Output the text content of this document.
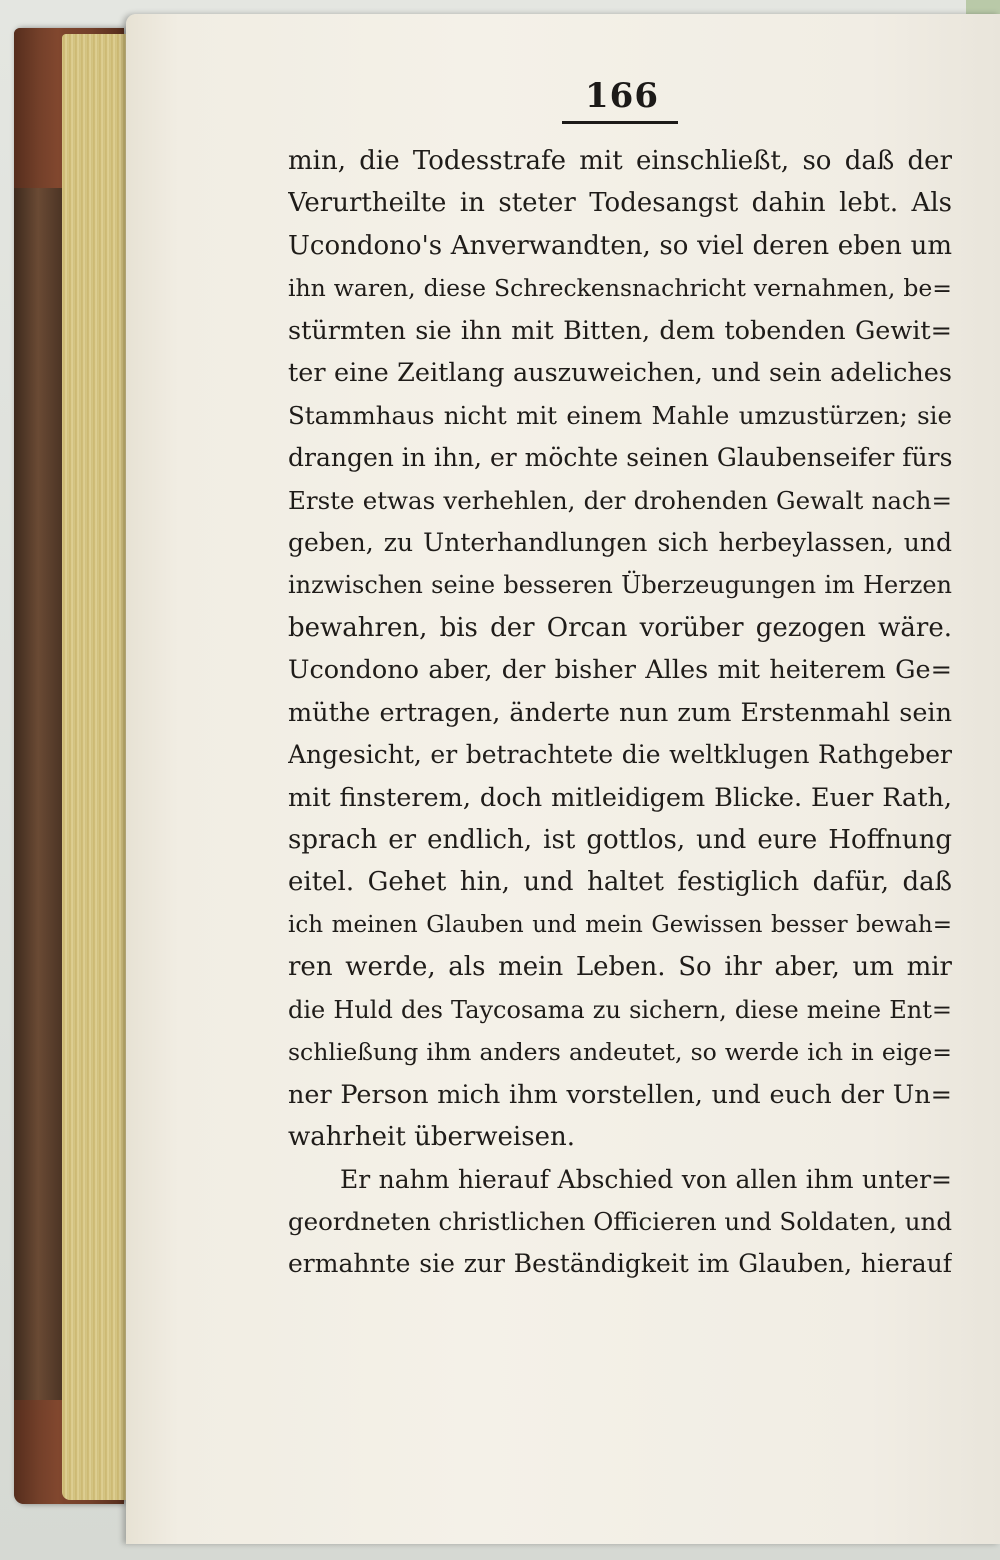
166
min, die Todesstrafe mit einschließt, so daß der
Verurtheilte in steter Todesangst dahin lebt. Als
Ucondono's Anverwandten, so viel deren eben um
ihn waren, diese Schreckensnachricht vernahmen, be=
stürmten sie ihn mit Bitten, dem tobenden Gewit=
ter eine Zeitlang auszuweichen, und sein adeliches
Stammhaus nicht mit einem Mahle umzustürzen; sie
drangen in ihn, er möchte seinen Glaubenseifer fürs
Erste etwas verhehlen, der drohenden Gewalt nach=
geben, zu Unterhandlungen sich herbeylassen, und
inzwischen seine besseren Überzeugungen im Herzen
bewahren, bis der Orcan vorüber gezogen wäre.
Ucondono aber, der bisher Alles mit heiterem Ge=
müthe ertragen, änderte nun zum Erstenmahl sein
Angesicht, er betrachtete die weltklugen Rathgeber
mit finsterem, doch mitleidigem Blicke. Euer Rath,
sprach er endlich, ist gottlos, und eure Hoffnung
eitel. Gehet hin, und haltet festiglich dafür, daß
ich meinen Glauben und mein Gewissen besser bewah=
ren werde, als mein Leben. So ihr aber, um mir
die Huld des Taycosama zu sichern, diese meine Ent=
schließung ihm anders andeutet, so werde ich in eige=
ner Person mich ihm vorstellen, und euch der Un=
wahrheit überweisen.
Er nahm hierauf Abschied von allen ihm unter=
geordneten christlichen Officieren und Soldaten, und
ermahnte sie zur Beständigkeit im Glauben, hierauf
